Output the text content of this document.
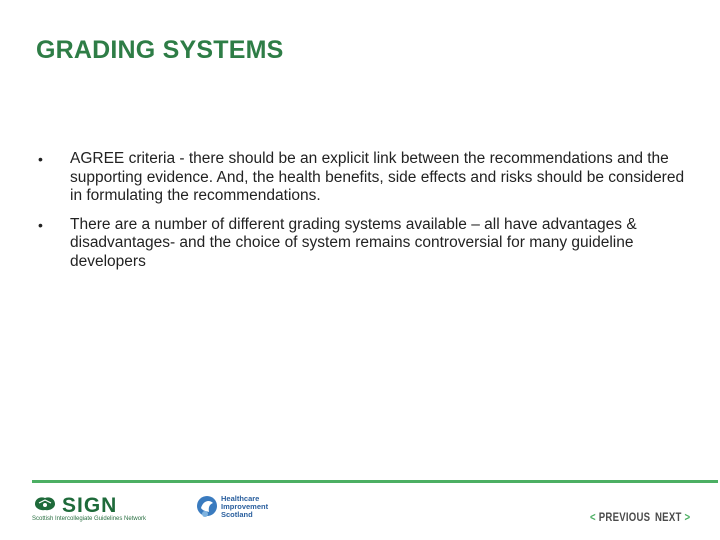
GRADING SYSTEMS
• AGREE criteria - there should be an explicit link between the recommendations and the supporting evidence. And, the health benefits, side effects and risks should be considered in formulating the recommendations.
• There are a number of different grading systems available – all have advantages & disadvantages- and the choice of system remains controversial for many guideline developers
SIGN
Scottish Intercollegiate Guidelines Network
Healthcare
Improvement
Scotland	< PREVIOUS NEXT >
